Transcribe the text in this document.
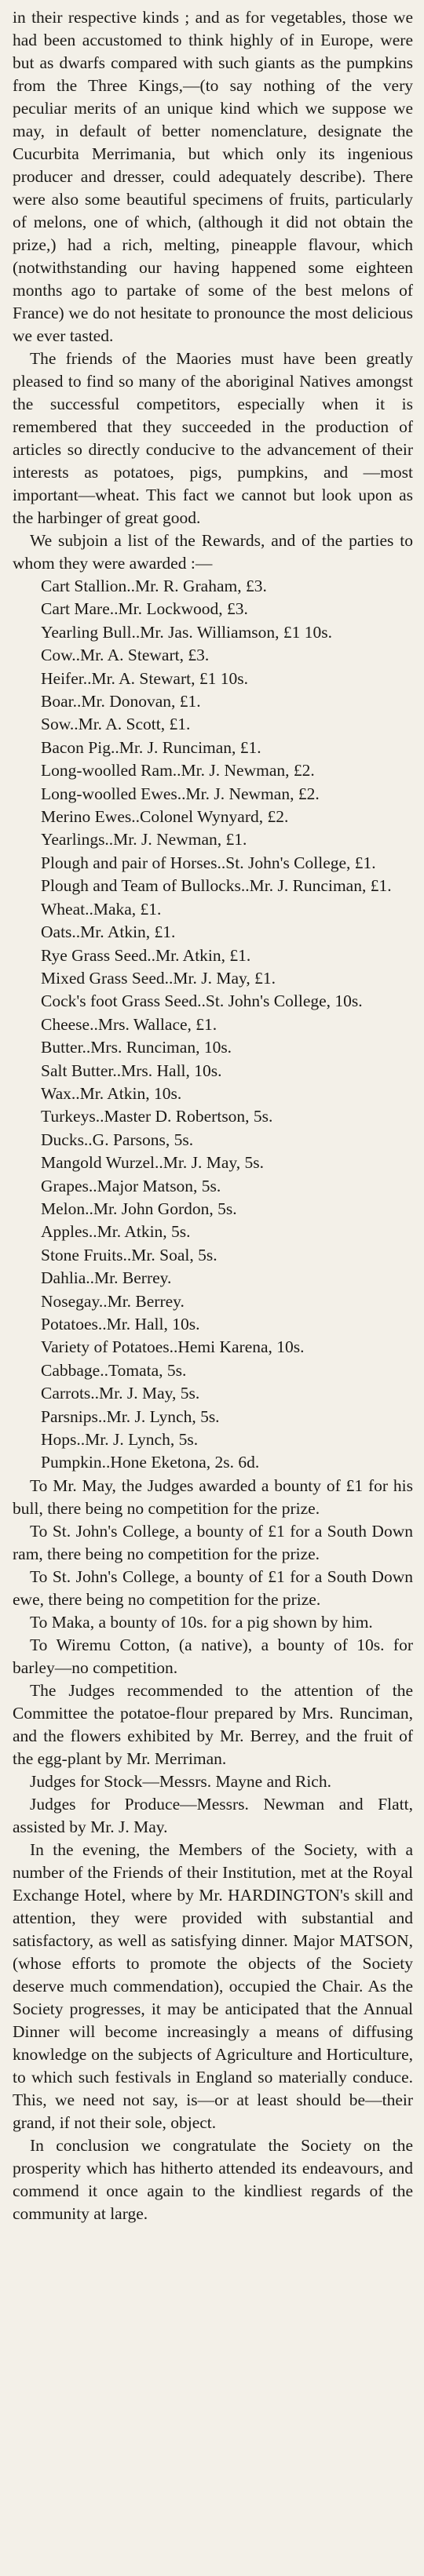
in their respective kinds ; and as for vegetables, those we had been accustomed to think highly of in Europe, were but as dwarfs compared with such giants as the pumpkins from the Three Kings,—(to say nothing of the very peculiar merits of an unique kind which we suppose we may, in default of better nomenclature, designate the Cucurbita Merrimania, but which only its ingenious producer and dresser, could adequately describe). There were also some beautiful specimens of fruits, particularly of melons, one of which, (although it did not obtain the prize,) had a rich, melting, pineapple flavour, which (notwithstanding our having happened some eighteen months ago to partake of some of the best melons of France) we do not hesitate to pronounce the most delicious we ever tasted.

The friends of the Maories must have been greatly pleased to find so many of the aboriginal Natives amongst the successful competitors, especially when it is remembered that they succeeded in the production of articles so directly conducive to the advancement of their interests as potatoes, pigs, pumpkins, and —most important—wheat. This fact we cannot but look upon as the harbinger of great good.

We subjoin a list of the Rewards, and of the parties to whom they were awarded :—

Cart Stallion..Mr. R. Graham, £3.
Cart Mare..Mr. Lockwood, £3.
Yearling Bull..Mr. Jas. Williamson, £1 10s.
Cow..Mr. A. Stewart, £3.
Heifer..Mr. A. Stewart, £1 10s.
Boar..Mr. Donovan, £1.
Sow..Mr. A. Scott, £1.
Bacon Pig..Mr. J. Runciman, £1.
Long-woolled Ram..Mr. J. Newman, £2.
Long-woolled Ewes..Mr. J. Newman, £2.
Merino Ewes..Colonel Wynyard, £2.
Yearlings..Mr. J. Newman, £1.
Plough and pair of Horses..St. John's College, £1.
Plough and Team of Bullocks..Mr. J. Runciman, £1.
Wheat..Maka, £1.
Oats..Mr. Atkin, £1.
Rye Grass Seed..Mr. Atkin, £1.
Mixed Grass Seed..Mr. J. May, £1.
Cock's foot Grass Seed..St. John's College, 10s.
Cheese..Mrs. Wallace, £1.
Butter..Mrs. Runciman, 10s.
Salt Butter..Mrs. Hall, 10s.
Wax..Mr. Atkin, 10s.
Turkeys..Master D. Robertson, 5s.
Ducks..G. Parsons, 5s.
Mangold Wurzel..Mr. J. May, 5s.
Grapes..Major Matson, 5s.
Melon..Mr. John Gordon, 5s.
Apples..Mr. Atkin, 5s.
Stone Fruits..Mr. Soal, 5s.
Dahlia..Mr. Berrey.
Nosegay..Mr. Berrey.
Potatoes..Mr. Hall, 10s.
Variety of Potatoes..Hemi Karena, 10s.
Cabbage..Tomata, 5s.
Carrots..Mr. J. May, 5s.
Parsnips..Mr. J. Lynch, 5s.
Hops..Mr. J. Lynch, 5s.
Pumpkin..Hone Eketona, 2s. 6d.

To Mr. May, the Judges awarded a bounty of £1 for his bull, there being no competition for the prize.

To St. John's College, a bounty of £1 for a South Down ram, there being no competition for the prize.

To St. John's College, a bounty of £1 for a South Down ewe, there being no competition for the prize.

To Maka, a bounty of 10s. for a pig shown by him.

To Wiremu Cotton, (a native), a bounty of 10s. for barley—no competition.

The Judges recommended to the attention of the Committee the potatoe-flour prepared by Mrs. Runciman, and the flowers exhibited by Mr. Berrey, and the fruit of the egg-plant by Mr. Merriman.

Judges for Stock—Messrs. Mayne and Rich.

Judges for Produce—Messrs. Newman and Flatt, assisted by Mr. J. May.

In the evening, the Members of the Society, with a number of the Friends of their Institution, met at the Royal Exchange Hotel, where by Mr. HARDINGTON's skill and attention, they were provided with substantial and satisfactory, as well as satisfying dinner. Major MATSON, (whose efforts to promote the objects of the Society deserve much commendation), occupied the Chair. As the Society progresses, it may be anticipated that the Annual Dinner will become increasingly a means of diffusing knowledge on the subjects of Agriculture and Horticulture, to which such festivals in England so materially conduce. This, we need not say, is—or at least should be—their grand, if not their sole, object.

In conclusion we congratulate the Society on the prosperity which has hitherto attended its endeavours, and commend it once again to the kindliest regards of the community at large.
